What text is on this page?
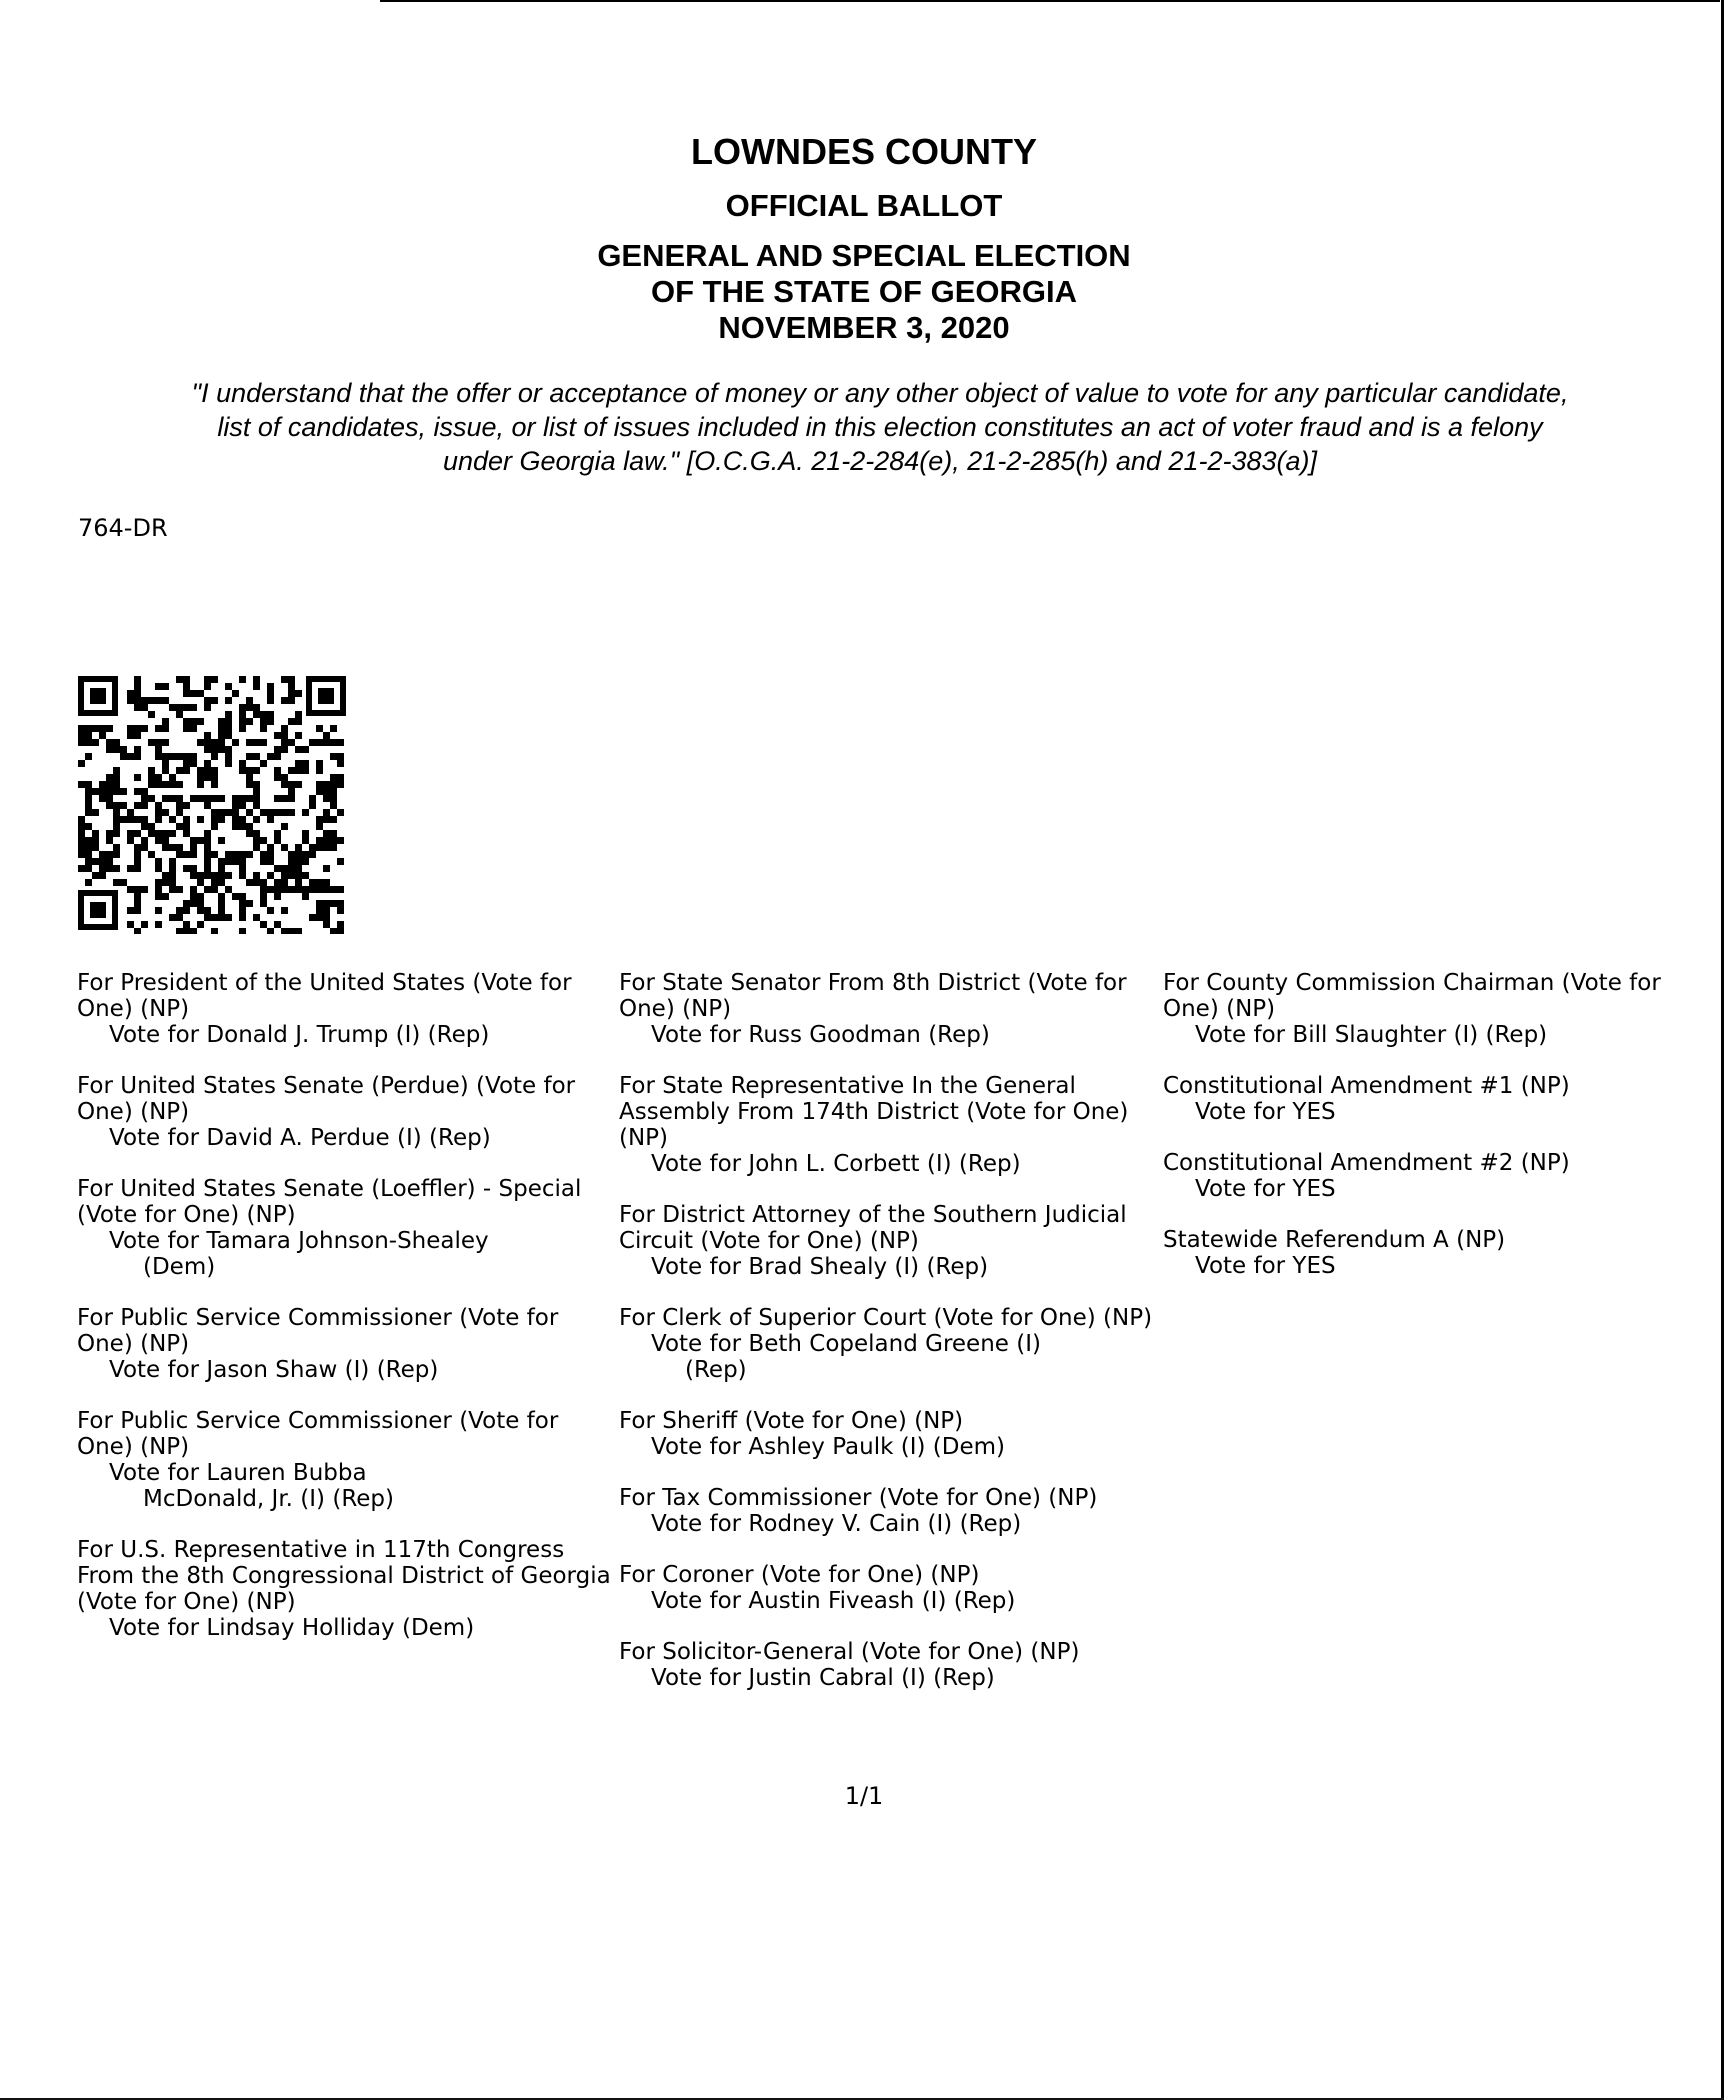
LOWNDES COUNTY
OFFICIAL BALLOT
GENERAL AND SPECIAL ELECTION
OF THE STATE OF GEORGIA
NOVEMBER 3, 2020
"I understand that the offer or acceptance of money or any other object of value to vote for any particular candidate,
list of candidates, issue, or list of issues included in this election constitutes an act of voter fraud and is a felony
under Georgia law." [O.C.G.A. 21-2-284(e), 21-2-285(h) and 21-2-383(a)]
764-DR
For President of the United States (Vote for One) (NP)
Vote for Donald J. Trump (I) (Rep)
For United States Senate (Perdue) (Vote for One) (NP)
Vote for David A. Perdue (I) (Rep)
For United States Senate (Loeffler) - Special (Vote for One) (NP)
Vote for Tamara Johnson-Shealey
(Dem)
For Public Service Commissioner (Vote for One) (NP)
Vote for Jason Shaw (I) (Rep)
For Public Service Commissioner (Vote for One) (NP)
Vote for Lauren Bubba
McDonald, Jr. (I) (Rep)
For U.S. Representative in 117th Congress From the 8th Congressional District of Georgia (Vote for One) (NP)
Vote for Lindsay Holliday (Dem)
For State Senator From 8th District (Vote for One) (NP)
Vote for Russ Goodman (Rep)
For State Representative In the General Assembly From 174th District (Vote for One) (NP)
Vote for John L. Corbett (I) (Rep)
For District Attorney of the Southern Judicial Circuit (Vote for One) (NP)
Vote for Brad Shealy (I) (Rep)
For Clerk of Superior Court (Vote for One) (NP)
Vote for Beth Copeland Greene (I)
(Rep)
For Sheriff (Vote for One) (NP)
Vote for Ashley Paulk (I) (Dem)
For Tax Commissioner (Vote for One) (NP)
Vote for Rodney V. Cain (I) (Rep)
For Coroner (Vote for One) (NP)
Vote for Austin Fiveash (I) (Rep)
For Solicitor-General (Vote for One) (NP)
Vote for Justin Cabral (I) (Rep)
For County Commission Chairman (Vote for One) (NP)
Vote for Bill Slaughter (I) (Rep)
Constitutional Amendment #1 (NP)
Vote for YES
Constitutional Amendment #2 (NP)
Vote for YES
Statewide Referendum A (NP)
Vote for YES
1/1
